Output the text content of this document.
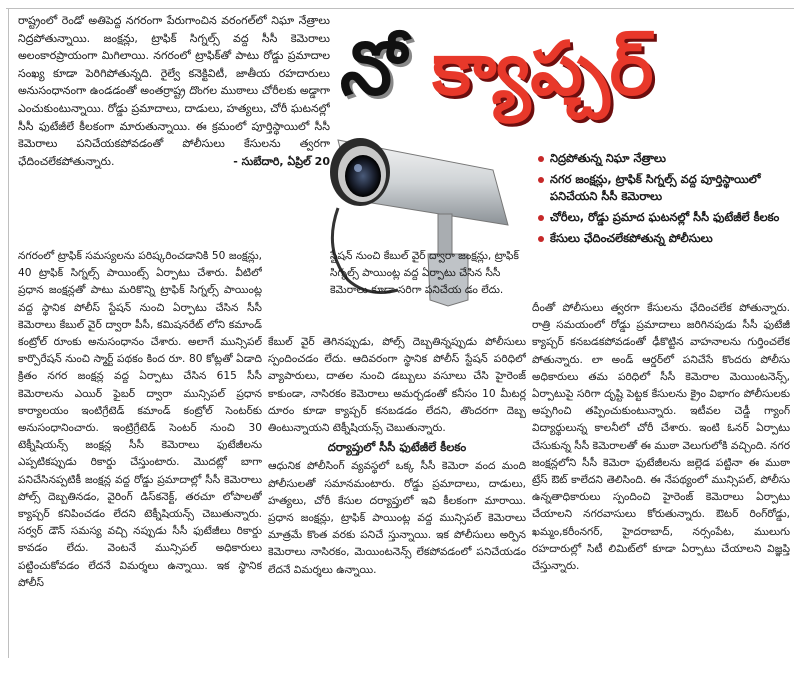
రాష్ట్రంలో రెండో అతిపెద్ద నగరంగా పేరుగాంచిన వరంగల్‌లో నిఘా నేత్రాలు నిద్రపోతున్నాయి. జంక్షన్లు, ట్రాఫిక్ సిగ్నల్స్ వద్ద సీసీ కెమెరాలు అలంకారప్రాయంగా మిగిలాయి. నగరంలో ట్రాఫిక్‌తో పాటు రోడ్డు ప్రమాదాల సంఖ్య కూడా పెరిగిపోతున్నది. రైల్వే కనెక్టివిటీ, జాతీయ రహదారులు అనుసంధానంగా ఉండడంతో అంతర్రాష్ట్ర దొంగల ముఠాలు చోరీలకు అడ్డాగా ఎంచుకుంటున్నాయి. రోడ్డు ప్రమాదాలు, దాడులు, హత్యలు, చోరీ ఘటనల్లో సీసీ ఫుటేజీలే కీలకంగా మారుతున్నాయి. ఈ క్రమంలో పూర్తిస్థాయిలో సీసీ కెమెరాలు పనిచేయకపోవడంతో పోలీసులు కేసులను త్వరగా ఛేదించలేకపోతున్నారు.	- సుబేదారి, ఏప్రిల్ 20
నో క్యాప్చర్
నిద్రపోతున్న నిఘా నేత్రాలు
నగర జంక్షన్లు, ట్రాఫిక్ సిగ్నల్స్ వద్ద పూర్తిస్థాయిలో పనిచేయని సీసీ కెమెరాలు
చోరీలు, రోడ్డు ప్రమాద ఘటనల్లో సీసీ ఫుటేజీలే కీలకం
కేసులు ఛేదించలేకపోతున్న పోలీసులు
నగరంలో ట్రాఫిక్ సమస్యలను పరిష్కరించడానికి 50 జంక్షన్లు, 40 ట్రాఫిక్ సిగ్నల్స్ పాయింట్స్ ఏర్పాటు చేశారు. వీటిలో ప్రధాన జంక్షన్లతో పాటు మరికొన్ని ట్రాఫిక్ సిగ్నల్స్ పాయింట్ల వద్ద స్థానిక పోలీస్ స్టేషన్ నుంచి ఏర్పాటు చేసిన సీసీ కెమెరాలు కేబుల్ వైర్ ద్వారా పీసీ, కమిషనరేట్ లోని కమాండ్ కంట్రోల్ రూంకు అనుసంధానం చేశారు. అలాగే మున్సిపల్ కార్పొరేషన్ నుంచి స్మార్ట్ పథకం కింద రూ. 80 కోట్లతో ఏడాది క్రితం నగర జంక్షన్ల వద్ద ఏర్పాటు చేసిన 615 సీసీ కెమెరాలను ఎయిర్ ఫైబర్ ద్వారా మున్సిపల్ ప్రధాన కార్యాలయం ఇంటిగ్రేటెడ్ కమాండ్ కంట్రోల్ సెంటర్‌కు అనుసంధానించారు. ఇంట్రిగ్రేటెడ్ సెంటర్ నుంచి 30 టెక్నీషియన్స్ జంక్షన్ల సీసీ కెమెరాలు ఫుటేజీలను ఎప్పటికప్పుడు రికార్డు చేస్తుంటారు. మొదట్లో బాగా పనిచేసినప్పటికీ జంక్షన్ల వద్ద రోడ్డు ప్రమాదాల్లో సీసీ కెమెరాలు పోల్స్ దెబ్బతినడం, వైరింగ్ డిస్‌కనెక్ట్, తరచూ లోపాలతో క్యాప్చర్ కనిపించడం లేదని టెక్నీషియన్స్ చెబుతున్నారు. సర్వర్ డౌన్ సమస్య వచ్చి నప్పుడు సీసీ ఫుటేజీలు రికార్డు కావడం లేదు. వెంటనే మున్సిపల్ అధికారులు పట్టించుకోవడం లేదనే విమర్శలు ఉన్నాయి. ఇక స్థానిక పోలీస్
స్టేషన్ నుంచి కేబుల్ వైర్ ద్వారా జంక్షన్లు, ట్రాఫిక్ సిగ్నల్స్ పాయింట్ల వద్ద ఏర్పాటు చేసిన సీసీ కెమెరాలు కూడా సరిగా పనిచేయ డం లేదు.
కేబుల్ వైర్ తెగినప్పుడు, పోల్స్ దెబ్బతిన్నప్పుడు పోలీసులు స్పందించడం లేదు. ఆదివరంగా స్థానిక పోలీస్ స్టేషన్ పరిధిలో వ్యాపారులు, దాతల నుంచి డబ్బులు వసూలు చేసి హైరెంజ్ కాకుండా, నాసిరకం కెమెరాలు అమర్చడంతో కనీసం 10 మీటర్ల దూరం కూడా క్యాప్చర్ కనబడడం లేదని, తొందరగా దెబ్బ తింటున్నాయని టెక్నీషియన్స్ చెబుతున్నారు.
దర్యాప్తులో సీసీ ఫుటేజీలే కీలకం
ఆధునిక పోలీసింగ్ వ్యవస్థలో ఒక్క సీసీ కెమెరా వంద మంది పోలీసులతో సమానమంటారు. రోడ్డు ప్రమాదాలు, దాడులు, హత్యలు, చోరీ కేసుల దర్యాప్తులో ఇవి కీలకంగా మారాయి. ప్రధాన జంక్షన్లు, ట్రాఫిక్ పాయింట్ల వద్ద మున్సిపల్ కెమెరాలు మాత్రమే కొంత వరకు పనిచే స్తున్నాయి. ఇక పోలీసులు అర్పిన కెమెరాలు నాసిరకం, మెయింటనెన్స్ లేకపోవడంలో పనిచేయడం లేదనే విమర్శలు ఉన్నాయి.
దీంతో పోలీసులు త్వరగా కేసులను ఛేదించలేక పోతున్నారు. రాత్రి సమయంలో రోడ్డు ప్రమాదాలు జరిగినపుడు సీసీ ఫుటేజీ క్యాప్చర్ కనబడకపోవడంతో ఢీకొట్టిన వాహనాలను గుర్తించలేక పోతున్నారు. లా అండ్ ఆర్డర్‌లో పనిచేసే కొందరు పోలీసు అధికారులు తమ పరిధిలో సీసీ కెమెరాల మెయింటనెన్స్, ఏర్పాటుపై సరిగా దృష్టి పెట్టక కేసులను క్రైం విభాగం పోలీసులకు అప్పగించి తప్పించుకుంటున్నారు. ఇటీవల చెడ్డీ గ్యాంగ్ విద్యార్థులున్న కాలనీలో చోరీ చేశారు. ఇంటి ఓనర్ ఏర్పాటు చేసుకున్న సీసీ కెమెరాలతో ఈ ముఠా వెలుగులోకి వచ్చింది. నగర జంక్షన్లలోని సీసీ కెమెరా ఫుటేజీలను జల్లెడ పట్టినా ఈ ముఠా ట్రేస్ ఔట్ కాలేదని తెలిసింది. ఈ నేపథ్యంలో మున్సిపల్, పోలీసు ఉన్నతాధికారులు స్పందించి హైరెంజ్ కెమెరాలు ఏర్పాటు చేయాలని నగరవాసులు కోరుతున్నారు. ఔటర్ రింగ్‌రోడ్డు, ఖమ్మం,కరీంనగర్, హైదరాబాద్, నర్సంపేట, ములుగు రహదారుల్లో సిటీ లిమిట్‌లో కూడా ఏర్పాటు చేయాలని విజ్ఞప్తి చేస్తున్నారు.
